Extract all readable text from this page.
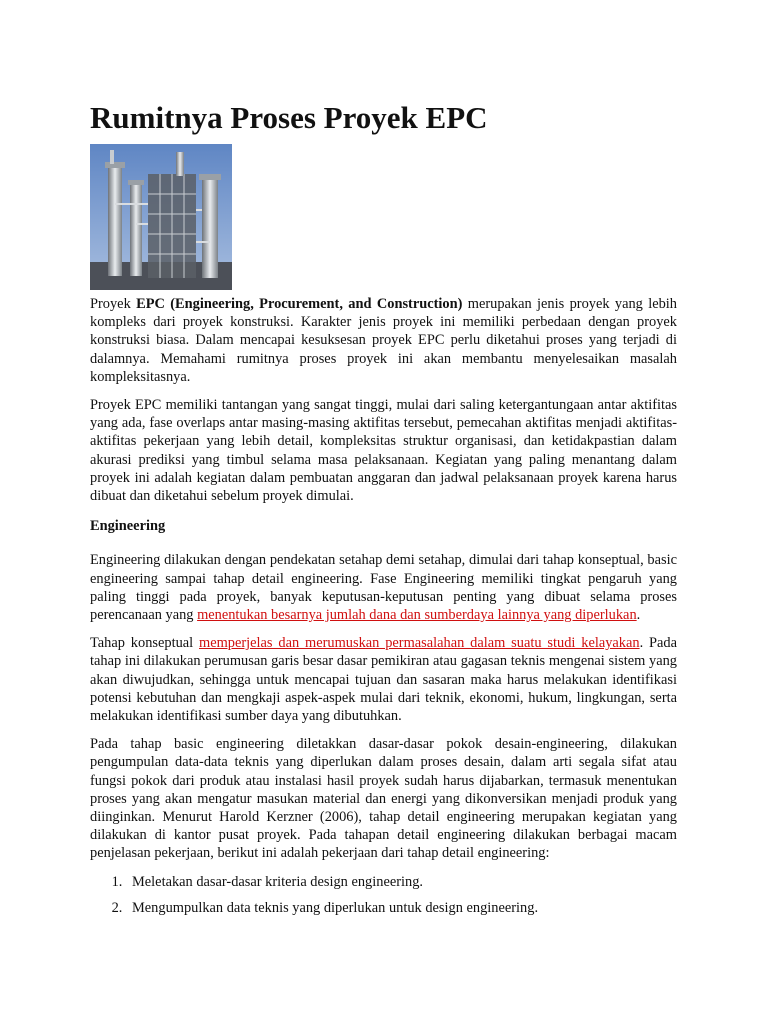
Rumitnya Proses Proyek EPC

Proyek EPC (Engineering, Procurement, and Construction) merupakan jenis proyek yang lebih kompleks dari proyek konstruksi. Karakter jenis proyek ini memiliki perbedaan dengan proyek konstruksi biasa. Dalam mencapai kesuksesan proyek EPC perlu diketahui proses yang terjadi di dalamnya. Memahami rumitnya proses proyek ini akan membantu menyelesaikan masalah kompleksitasnya.

Proyek EPC memiliki tantangan yang sangat tinggi, mulai dari saling ketergantungaan antar aktifitas yang ada, fase overlaps antar masing-masing aktifitas tersebut, pemecahan aktifitas menjadi aktifitas-aktifitas pekerjaan yang lebih detail, kompleksitas struktur organisasi, dan ketidakpastian dalam akurasi prediksi yang timbul selama masa pelaksanaan. Kegiatan yang paling menantang dalam proyek ini adalah kegiatan dalam pembuatan anggaran dan jadwal pelaksanaan proyek karena harus dibuat dan diketahui sebelum proyek dimulai.

Engineering

Engineering dilakukan dengan pendekatan setahap demi setahap, dimulai dari tahap konseptual, basic engineering sampai tahap detail engineering. Fase Engineering memiliki tingkat pengaruh yang paling tinggi pada proyek, banyak keputusan-keputusan penting yang dibuat selama proses perencanaan yang menentukan besarnya jumlah dana dan sumberdaya lainnya yang diperlukan.

Tahap konseptual memperjelas dan merumuskan permasalahan dalam suatu studi kelayakan. Pada tahap ini dilakukan perumusan garis besar dasar pemikiran atau gagasan teknis mengenai sistem yang akan diwujudkan, sehingga untuk mencapai tujuan dan sasaran maka harus melakukan identifikasi potensi kebutuhan dan mengkaji aspek-aspek mulai dari teknik, ekonomi, hukum, lingkungan, serta melakukan identifikasi sumber daya yang dibutuhkan.

Pada tahap basic engineering diletakkan dasar-dasar pokok desain-engineering, dilakukan pengumpulan data-data teknis yang diperlukan dalam proses desain, dalam arti segala sifat atau fungsi pokok dari produk atau instalasi hasil proyek sudah harus dijabarkan, termasuk menentukan proses yang akan mengatur masukan material dan energi yang dikonversikan menjadi produk yang diinginkan. Menurut Harold Kerzner (2006), tahap detail engineering merupakan kegiatan yang dilakukan di kantor pusat proyek. Pada tahapan detail engineering dilakukan berbagai macam penjelasan pekerjaan, berikut ini adalah pekerjaan dari tahap detail engineering:

1. Meletakan dasar-dasar kriteria design engineering.
2. Mengumpulkan data teknis yang diperlukan untuk design engineering.
